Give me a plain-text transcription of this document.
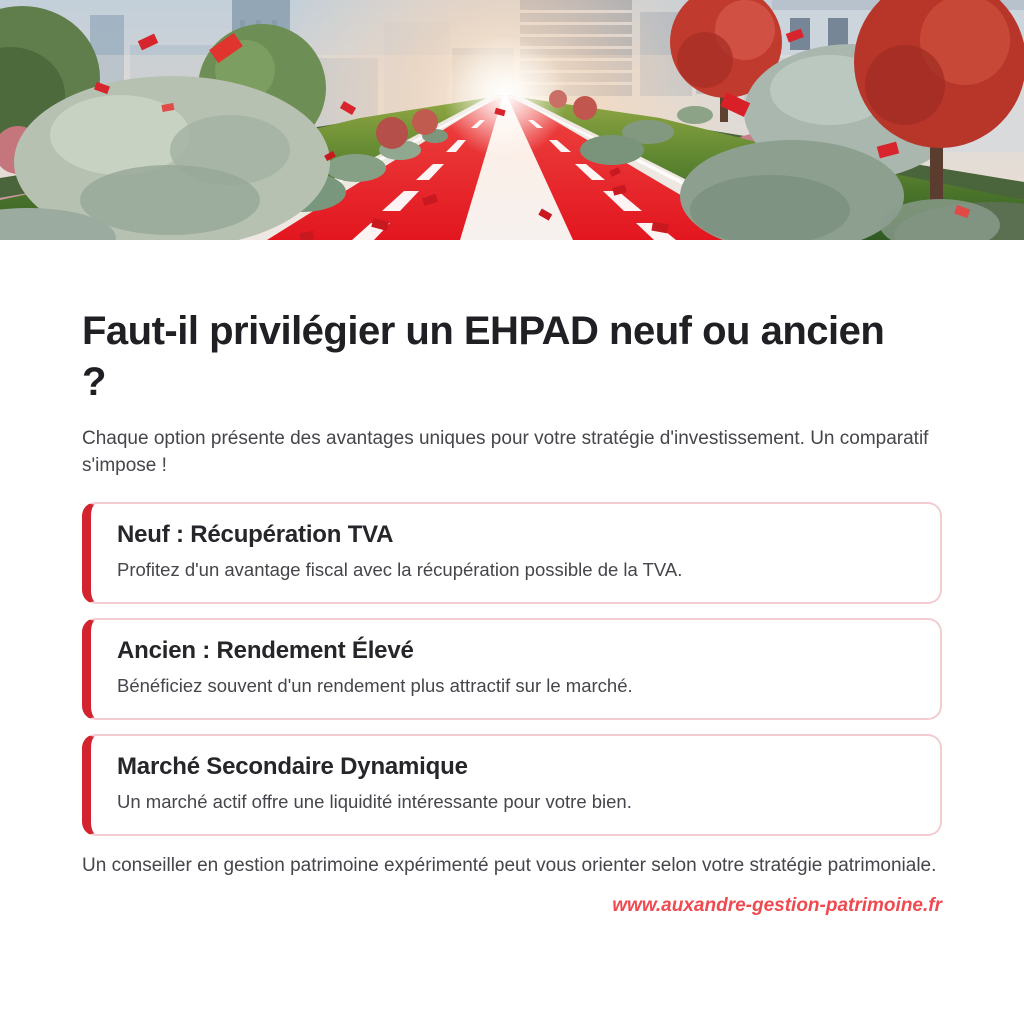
Faut-il privilégier un EHPAD neuf ou ancien ?

Chaque option présente des avantages uniques pour votre stratégie d'investissement. Un comparatif s'impose !

Neuf : Récupération TVA
Profitez d'un avantage fiscal avec la récupération possible de la TVA.
Ancien : Rendement Élevé
Bénéficiez souvent d'un rendement plus attractif sur le marché.
Marché Secondaire Dynamique
Un marché actif offre une liquidité intéressante pour votre bien.

Un conseiller en gestion patrimoine expérimenté peut vous orienter selon votre stratégie patrimoniale.

www.auxandre-gestion-patrimoine.fr
